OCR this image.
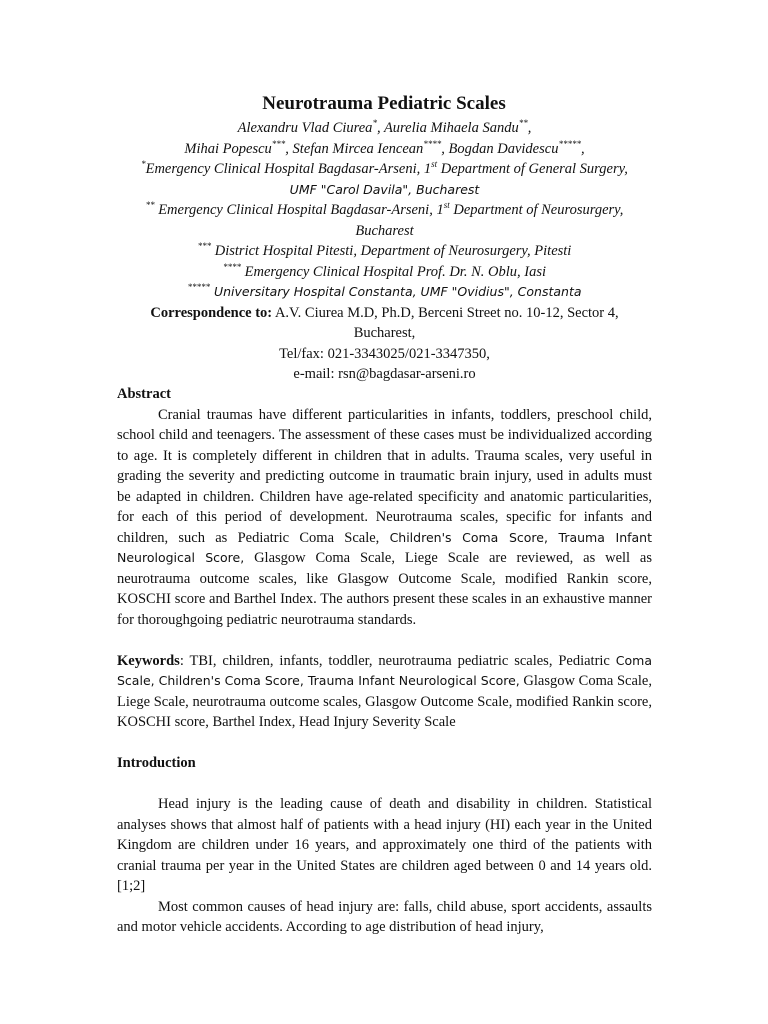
Neurotrauma Pediatric Scales
Alexandru Vlad Ciurea*, Aurelia Mihaela Sandu**,
Mihai Popescu***, Stefan Mircea Iencean****, Bogdan Davidescu*****,
*Emergency Clinical Hospital Bagdasar-Arseni, 1st Department of General Surgery,
UMF "Carol Davila", Bucharest
** Emergency Clinical Hospital Bagdasar-Arseni, 1st Department of Neurosurgery,
Bucharest
*** District Hospital Pitesti, Department of Neurosurgery, Pitesti
**** Emergency Clinical Hospital Prof. Dr. N. Oblu, Iasi
***** Universitary Hospital Constanta, UMF "Ovidius", Constanta
Correspondence to: A.V. Ciurea M.D, Ph.D, Berceni Street no. 10-12, Sector 4,
Bucharest,
Tel/fax: 021-3343025/021-3347350,
e-mail: rsn@bagdasar-arseni.ro

Abstract

Cranial traumas have different particularities in infants, toddlers, preschool child, school child and teenagers. The assessment of these cases must be individualized according to age. It is completely different in children that in adults. Trauma scales, very useful in grading the severity and predicting outcome in traumatic brain injury, used in adults must be adapted in children. Children have age-related specificity and anatomic particularities, for each of this period of development. Neurotrauma scales, specific for infants and children, such as Pediatric Coma Scale, Children's Coma Score, Trauma Infant Neurological Score, Glasgow Coma Scale, Liege Scale are reviewed, as well as neurotrauma outcome scales, like Glasgow Outcome Scale, modified Rankin score, KOSCHI score and Barthel Index. The authors present these scales in an exhaustive manner for thoroughgoing pediatric neurotrauma standards.

Keywords: TBI, children, infants, toddler, neurotrauma pediatric scales, Pediatric Coma Scale, Children's Coma Score, Trauma Infant Neurological Score, Glasgow Coma Scale, Liege Scale, neurotrauma outcome scales, Glasgow Outcome Scale, modified Rankin score, KOSCHI score, Barthel Index, Head Injury Severity Scale

Introduction

Head injury is the leading cause of death and disability in children. Statistical analyses shows that almost half of patients with a head injury (HI) each year in the United Kingdom are children under 16 years, and approximately one third of the patients with cranial trauma per year in the United States are children aged between 0 and 14 years old.[1;2]

Most common causes of head injury are: falls, child abuse, sport accidents, assaults and motor vehicle accidents. According to age distribution of head injury,
